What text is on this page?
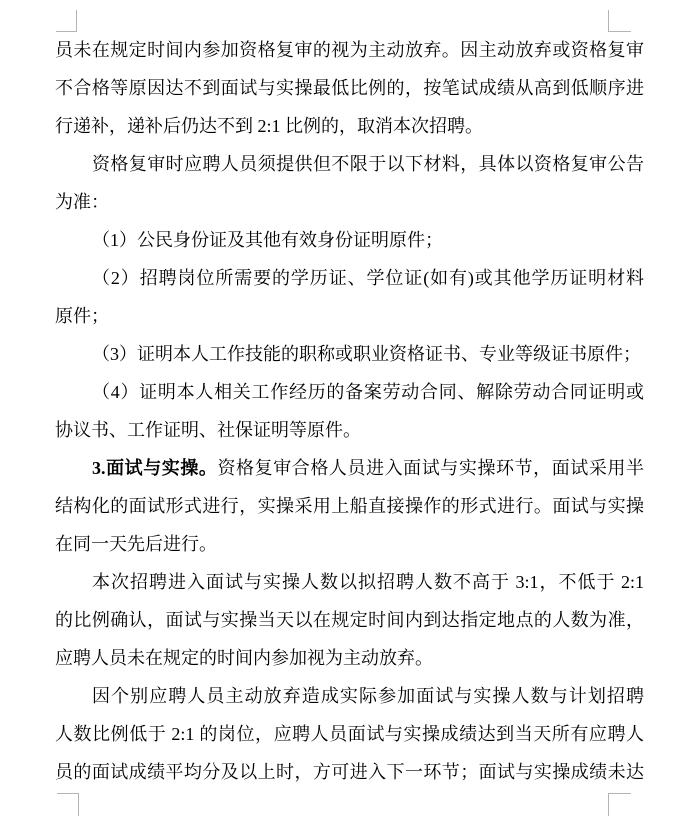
员未在规定时间内参加资格复审的视为主动放弃。因主动放弃或资格复审
不合格等原因达不到面试与实操最低比例的，按笔试成绩从高到低顺序进
行递补，递补后仍达不到 2:1 比例的，取消本次招聘。
资格复审时应聘人员须提供但不限于以下材料，具体以资格复审公告
为准：
（1）公民身份证及其他有效身份证明原件；
（2）招聘岗位所需要的学历证、学位证(如有)或其他学历证明材料
原件；
（3）证明本人工作技能的职称或职业资格证书、专业等级证书原件；
（4）证明本人相关工作经历的备案劳动合同、解除劳动合同证明或
协议书、工作证明、社保证明等原件。
3.面试与实操。资格复审合格人员进入面试与实操环节，面试采用半
结构化的面试形式进行，实操采用上船直接操作的形式进行。面试与实操
在同一天先后进行。
本次招聘进入面试与实操人数以拟招聘人数不高于 3:1，不低于 2:1
的比例确认，面试与实操当天以在规定时间内到达指定地点的人数为准，
应聘人员未在规定的时间内参加视为主动放弃。
因个别应聘人员主动放弃造成实际参加面试与实操人数与计划招聘
人数比例低于 2:1 的岗位，应聘人员面试与实操成绩达到当天所有应聘人
员的面试成绩平均分及以上时，方可进入下一环节；面试与实操成绩未达
